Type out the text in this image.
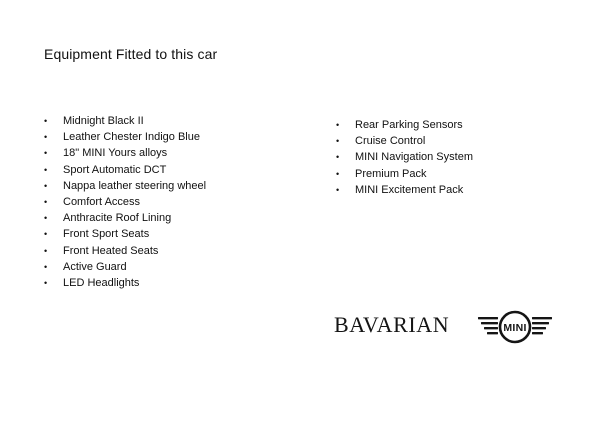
Equipment Fitted to this car
• Midnight Black II
• Leather Chester Indigo Blue
• 18" MINI Yours alloys
• Sport Automatic DCT
• Nappa leather steering wheel
• Comfort Access
• Anthracite Roof Lining
• Front Sport Seats
• Front Heated Seats
• Active Guard
• LED Headlights
• Rear Parking Sensors
• Cruise Control
• MINI Navigation System
• Premium Pack
• MINI Excitement Pack
BAVARIAN	MINI
